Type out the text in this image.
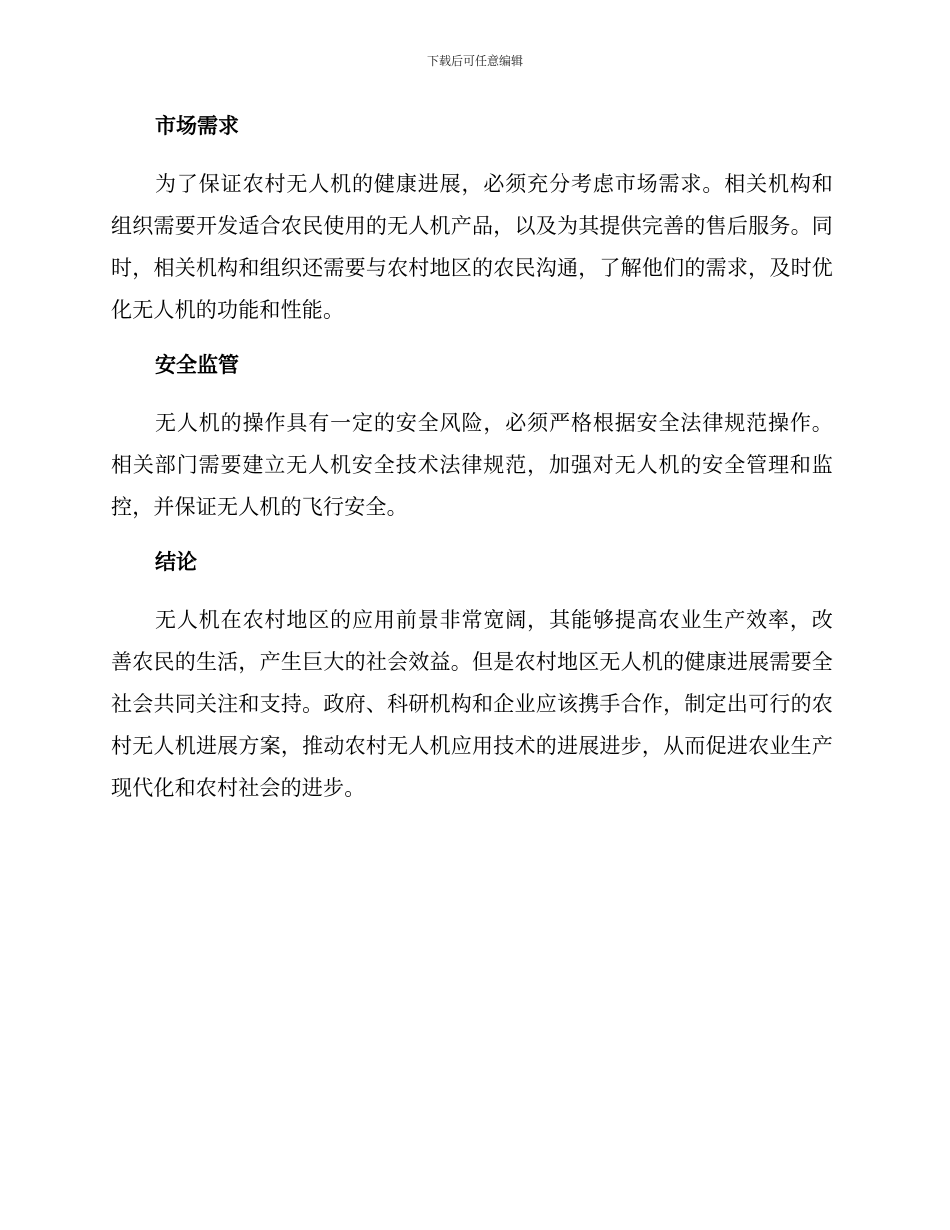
下载后可任意编辑
市场需求

为了保证农村无人机的健康进展，必须充分考虑市场需求。相关机构和组织需要开发适合农民使用的无人机产品，以及为其提供完善的售后服务。同时，相关机构和组织还需要与农村地区的农民沟通，了解他们的需求，及时优化无人机的功能和性能。

安全监管

无人机的操作具有一定的安全风险，必须严格根据安全法律规范操作。相关部门需要建立无人机安全技术法律规范，加强对无人机的安全管理和监控，并保证无人机的飞行安全。

结论

无人机在农村地区的应用前景非常宽阔，其能够提高农业生产效率，改善农民的生活，产生巨大的社会效益。但是农村地区无人机的健康进展需要全社会共同关注和支持。政府、科研机构和企业应该携手合作，制定出可行的农村无人机进展方案，推动农村无人机应用技术的进展进步，从而促进农业生产现代化和农村社会的进步。
